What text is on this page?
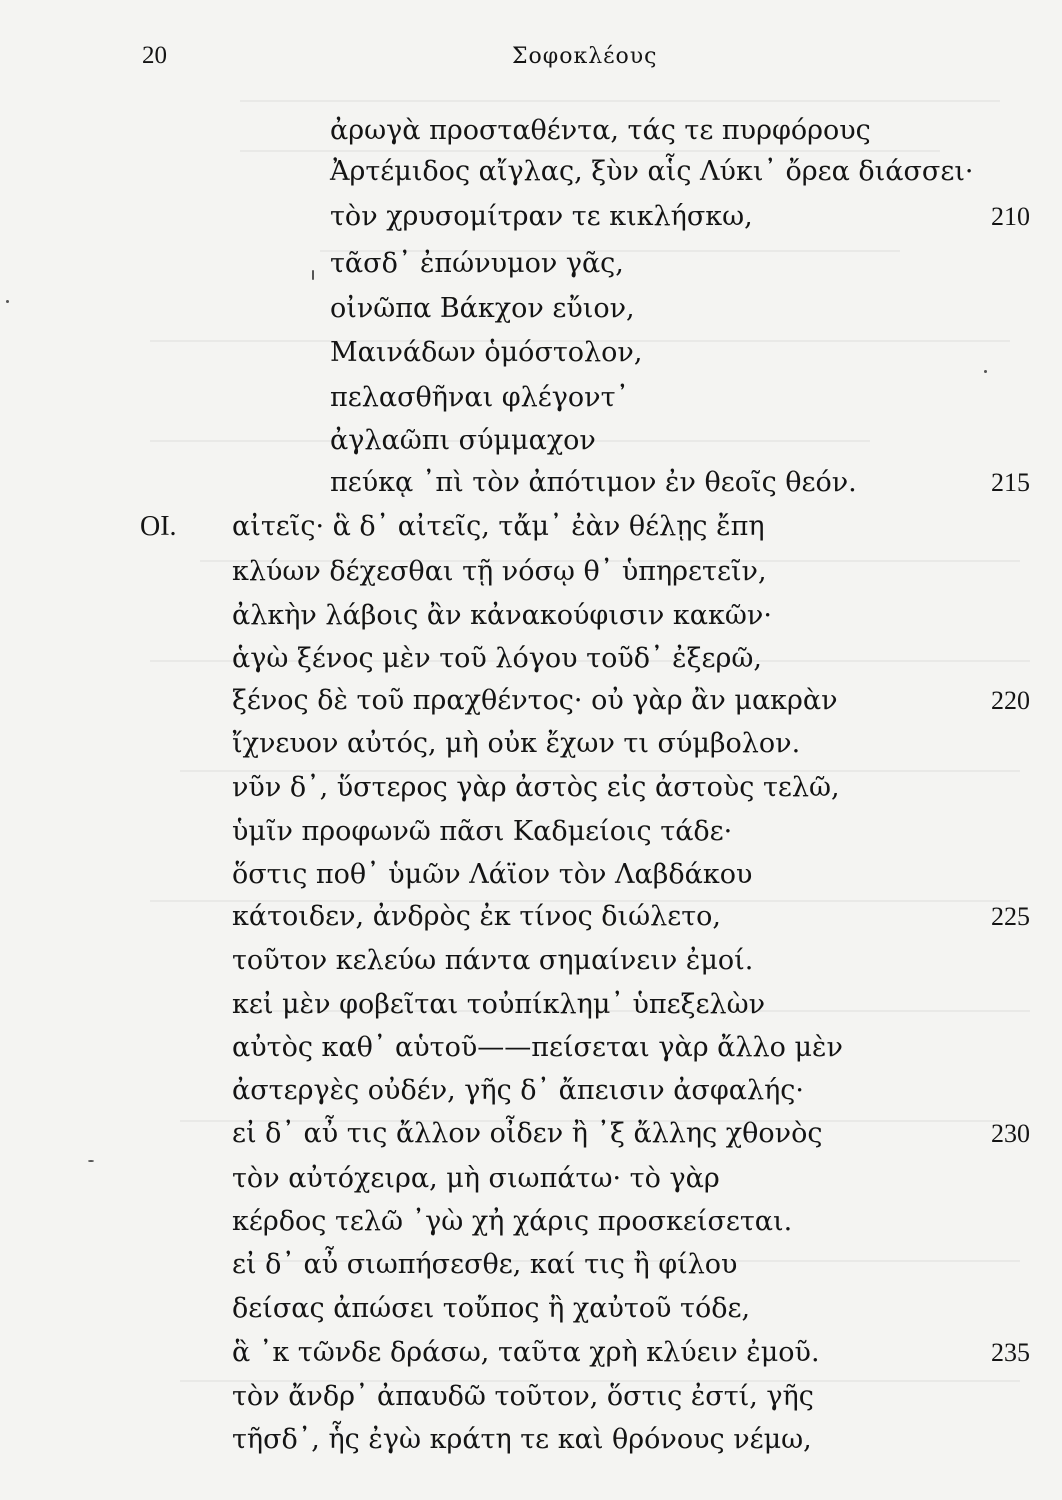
20	Σοφοκλέους
ἀρωγὰ προσταθέντα, τάς τε πυρφόρους
Ἀρτέμιδος αἴγλας, ξὺν αἷς Λύκι᾽ ὄρεα διάσσει·
τὸν χρυσομίτραν τε κικλήσκω,	210
τᾶσδ᾽ ἐπώνυμον γᾶς,
οἰνῶπα Βάκχον εὔιον,
Μαινάδων ὁμόστολον,
πελασθῆναι φλέγοντ᾽
ἀγλαῶπι σύμμαχον
πεύκᾳ ᾽πὶ τὸν ἀπότιμον ἐν θεοῖς θεόν.	215
ΟΙ. αἰτεῖς· ἃ δ᾽ αἰτεῖς, τἄμ᾽ ἐὰν θέλῃς ἔπη
κλύων δέχεσθαι τῇ νόσῳ θ᾽ ὑπηρετεῖν,
ἀλκὴν λάβοις ἂν κἀνακούφισιν κακῶν·
ἁγὼ ξένος μὲν τοῦ λόγου τοῦδ᾽ ἐξερῶ,
ξένος δὲ τοῦ πραχθέντος· οὐ γὰρ ἂν μακρὰν	220
ἴχνευον αὐτός, μὴ οὐκ ἔχων τι σύμβολον.
νῦν δ᾽, ὕστερος γὰρ ἀστὸς εἰς ἀστοὺς τελῶ,
ὑμῖν προφωνῶ πᾶσι Καδμείοις τάδε·
ὅστις ποθ᾽ ὑμῶν Λάϊον τὸν Λαβδάκου
κάτοιδεν, ἀνδρὸς ἐκ τίνος διώλετο,	225
τοῦτον κελεύω πάντα σημαίνειν ἐμοί.
κεἰ μὲν φοβεῖται τοὐπίκλημ᾽ ὑπεξελὼν
αὐτὸς καθ᾽ αὑτοῦ——πείσεται γὰρ ἄλλο μὲν
ἀστεργὲς οὐδέν, γῆς δ᾽ ἄπεισιν ἀσφαλής·
εἰ δ᾽ αὖ τις ἄλλον οἶδεν ἢ ᾽ξ ἄλλης χθονὸς	230
τὸν αὐτόχειρα, μὴ σιωπάτω· τὸ γὰρ
κέρδος τελῶ ᾽γὼ χἠ χάρις προσκείσεται.
εἰ δ᾽ αὖ σιωπήσεσθε, καί τις ἢ φίλου
δείσας ἀπώσει τοὔπος ἢ χαὐτοῦ τόδε,
ἃ ᾽κ τῶνδε δράσω, ταῦτα χρὴ κλύειν ἐμοῦ.	235
τὸν ἄνδρ᾽ ἀπαυδῶ τοῦτον, ὅστις ἐστί, γῆς
τῆσδ᾽, ἧς ἐγὼ κράτη τε καὶ θρόνους νέμω,
